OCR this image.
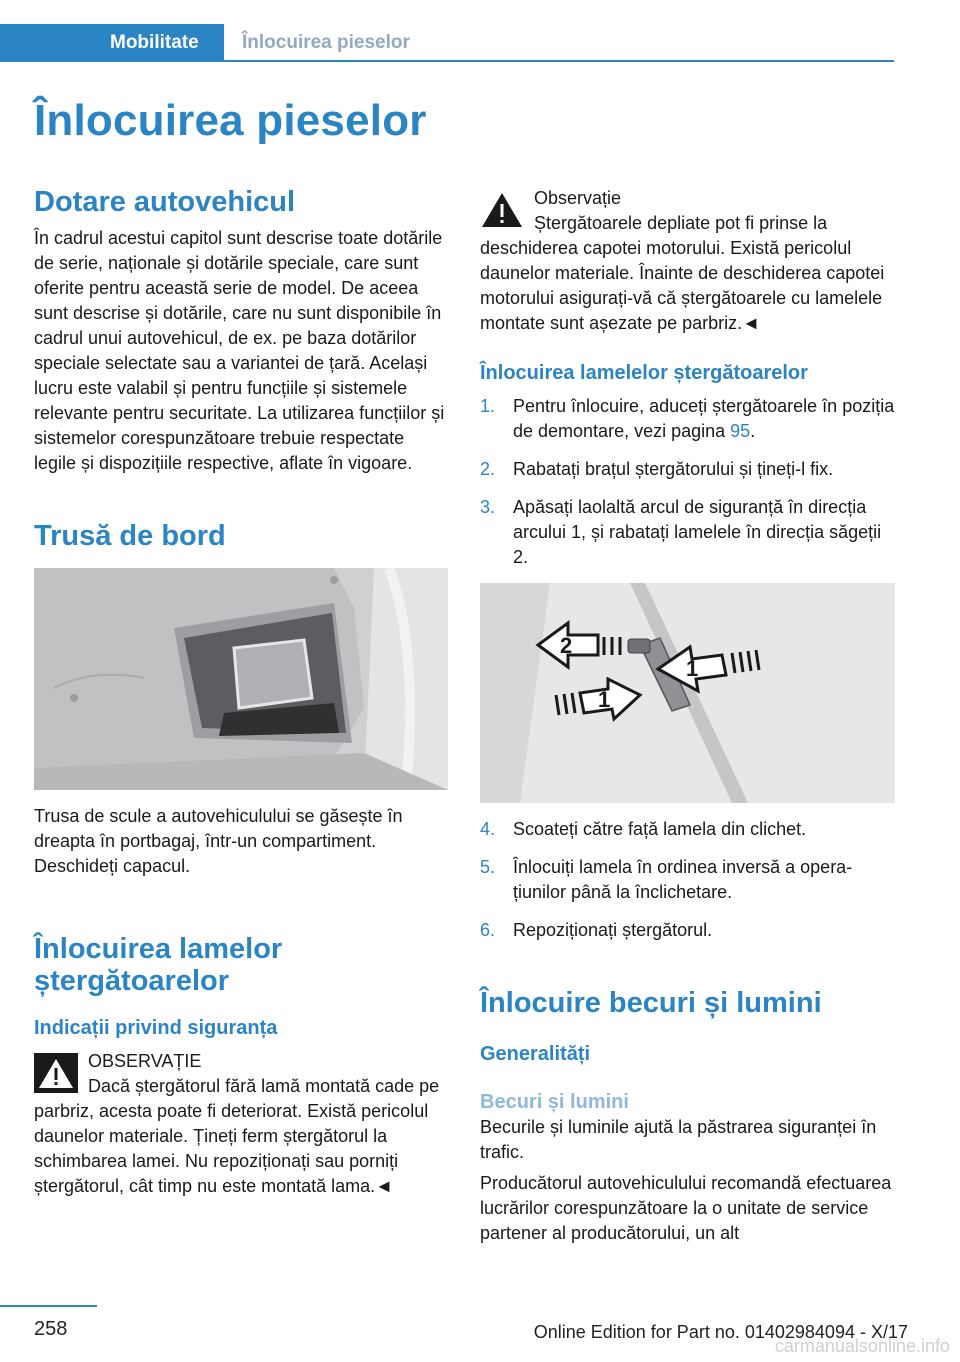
Mobilitate	Înlocuirea pieselor
Înlocuirea pieselor
Dotare autovehicul

În cadrul acestui capitol sunt descrise toate dotările de serie, naționale și dotările speciale, care sunt oferite pentru această serie de model. De aceea sunt descrise și dotările, care nu sunt disponibile în cadrul unui autovehicul, de ex. pe baza dotărilor speciale selectate sau a variantei de țară. Același lucru este valabil și pentru funcțiile și sistemele relevante pentru securitate. La utilizarea funcțiilor și sistemelor corespunzătoare trebuie respectate legile și dispozițiile respective, aflate în vigoare.

Trusă de bord

Trusa de scule a autovehiculului se găsește în dreapta în portbagaj, într-un compartiment. Deschideți capacul.

Înlocuirea lamelor
ștergătoarelor
Indicații privind siguranța
OBSERVAȚIE
Dacă ștergătorul fără lamă montată cade pe parbriz, acesta poate fi deteriorat. Există pericolul daunelor materiale. Țineți ferm ștergătorul la schimbarea lamei. Nu repoziționați sau porniți ștergătorul, cât timp nu este montată lama.◄
Observație
Ștergătoarele depliate pot fi prinse la deschiderea capotei motorului. Există pericolul daunelor materiale. Înainte de deschiderea capotei motorului asigurați-vă că ștergătoarele cu lamelele montate sunt așezate pe parbriz.◄
Înlocuirea lamelelor ștergătoarelor
1. Pentru înlocuire, aduceți ștergătoarele în poziția de demontare, vezi pagina 95.
2. Rabatați brațul ștergătorului și țineți-l fix.
3. Apăsați laolaltă arcul de siguranță în direcția arcului 1, și rabatați lamelele în direcția săgeții 2.
2
1
1
4. Scoateți către față lamela din clichet.
5. Înlocuiți lamela în ordinea inversă a operațiunilor până la înclichetare.
6. Repoziționați ștergătorul.
Înlocuire becuri și lumini
Generalități
Becuri și lumini

Becurile și luminile ajută la păstrarea siguranței în trafic.

Producătorul autovehiculului recomandă efectuarea lucrărilor corespunzătoare la o unitate de service partener al producătorului, un alt

258	Online Edition for Part no. 01402984094 - X/17
carmanualsonline.info
